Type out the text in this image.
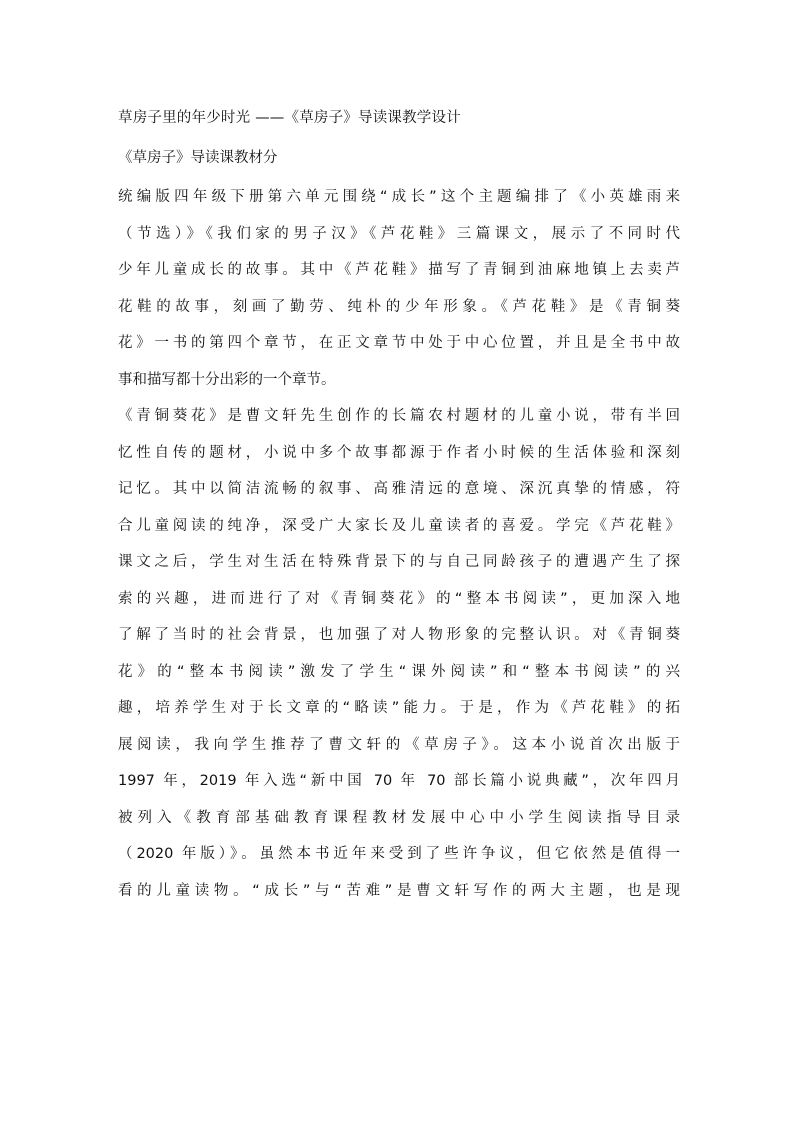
草房子里的年少时光 ——《草房子》导读课教学设计

《草房子》导读课教材分

统编版四年级下册第六单元围绕“成长”这个主题编排了《小英雄雨来

（节选）》《我们家的男子汉》《芦花鞋》三篇课文，展示了不同时代

少年儿童成长的故事。其中《芦花鞋》描写了青铜到油麻地镇上去卖芦

花鞋的故事，刻画了勤劳、纯朴的少年形象。《芦花鞋》是《青铜葵

花》一书的第四个章节，在正文章节中处于中心位置，并且是全书中故

事和描写都十分出彩的一个章节。

《青铜葵花》是曹文轩先生创作的长篇农村题材的儿童小说，带有半回

忆性自传的题材，小说中多个故事都源于作者小时候的生活体验和深刻

记忆。其中以简洁流畅的叙事、高雅清远的意境、深沉真挚的情感，符

合儿童阅读的纯净，深受广大家长及儿童读者的喜爱。学完《芦花鞋》

课文之后，学生对生活在特殊背景下的与自己同龄孩子的遭遇产生了探

索的兴趣，进而进行了对《青铜葵花》的“整本书阅读”，更加深入地

了解了当时的社会背景，也加强了对人物形象的完整认识。对《青铜葵

花》的“整本书阅读”激发了学生“课外阅读”和“整本书阅读”的兴

趣，培养学生对于长文章的“略读”能力。于是，作为《芦花鞋》的拓

展阅读，我向学生推荐了曹文轩的《草房子》。这本小说首次出版于

1997 年，2019 年入选“新中国 70 年 70 部长篇小说典藏”，次年四月

被列入《教育部基础教育课程教材发展中心中小学生阅读指导目录

（2020 年版）》。虽然本书近年来受到了些许争议，但它依然是值得一

看的儿童读物。“成长”与“苦难”是曹文轩写作的两大主题，也是现
